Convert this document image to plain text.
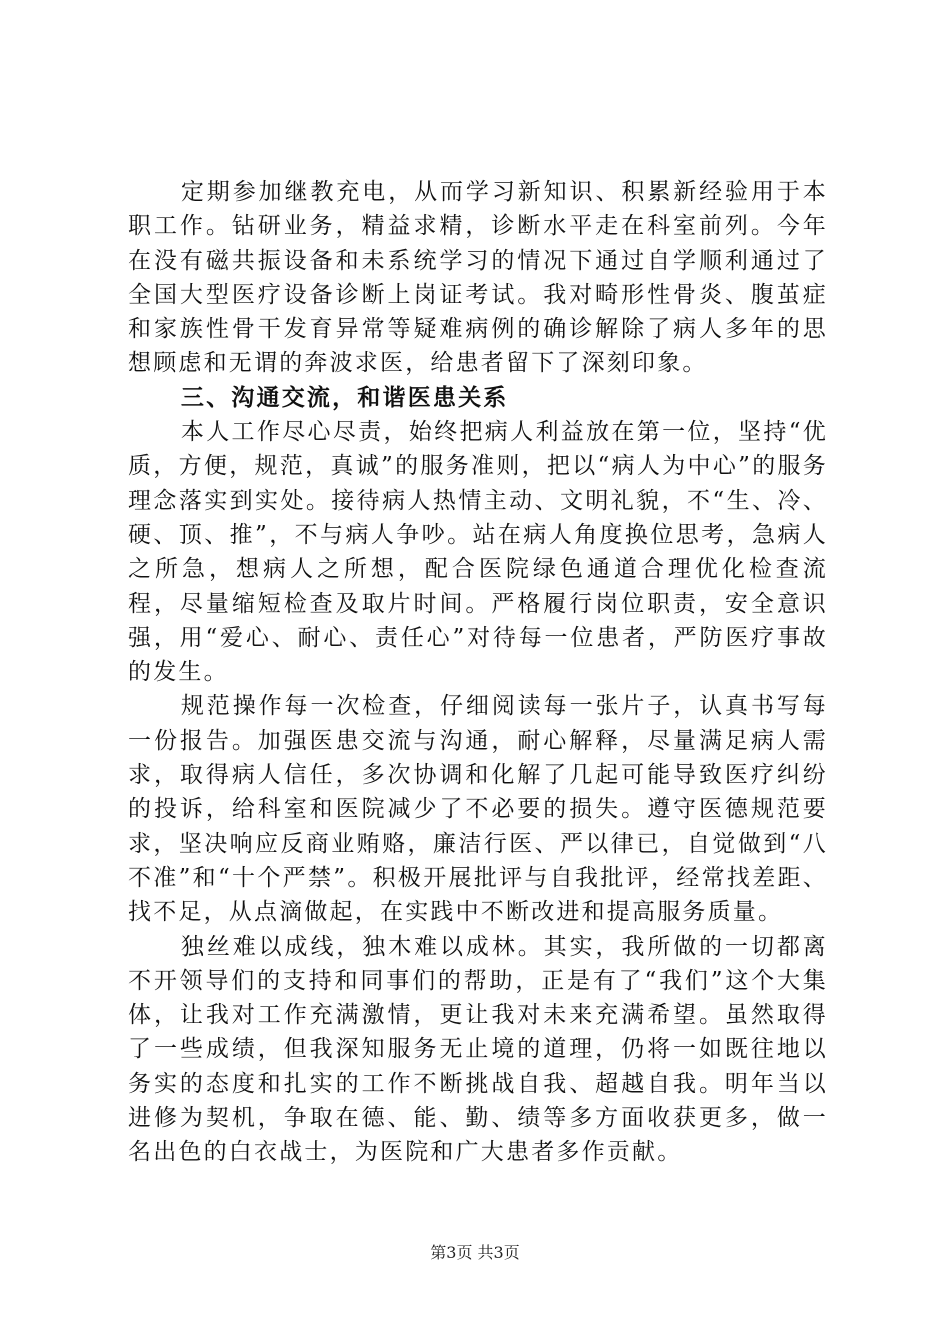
定期参加继教充电，从而学习新知识、积累新经验用于本职工作。钻研业务，精益求精，诊断水平走在科室前列。今年在没有磁共振设备和未系统学习的情况下通过自学顺利通过了全国大型医疗设备诊断上岗证考试。我对畸形性骨炎、腹茧症和家族性骨干发育异常等疑难病例的确诊解除了病人多年的思想顾虑和无谓的奔波求医，给患者留下了深刻印象。

三、沟通交流，和谐医患关系

本人工作尽心尽责，始终把病人利益放在第一位，坚持“优质，方便，规范，真诚”的服务准则，把以“病人为中心”的服务理念落实到实处。接待病人热情主动、文明礼貌，不“生、冷、硬、顶、推”，不与病人争吵。站在病人角度换位思考，急病人之所急，想病人之所想，配合医院绿色通道合理优化检查流程，尽量缩短检查及取片时间。严格履行岗位职责，安全意识强，用“爱心、耐心、责任心”对待每一位患者，严防医疗事故的发生。

规范操作每一次检查，仔细阅读每一张片子，认真书写每一份报告。加强医患交流与沟通，耐心解释，尽量满足病人需求，取得病人信任，多次协调和化解了几起可能导致医疗纠纷的投诉，给科室和医院减少了不必要的损失。遵守医德规范要求，坚决响应反商业贿赂，廉洁行医、严以律已，自觉做到“八不准”和“十个严禁”。积极开展批评与自我批评，经常找差距、找不足，从点滴做起，在实践中不断改进和提高服务质量。

独丝难以成线，独木难以成林。其实，我所做的一切都离不开领导们的支持和同事们的帮助，正是有了“我们”这个大集体，让我对工作充满激情，更让我对未来充满希望。虽然取得了一些成绩，但我深知服务无止境的道理，仍将一如既往地以务实的态度和扎实的工作不断挑战自我、超越自我。明年当以进修为契机，争取在德、能、勤、绩等多方面收获更多，做一名出色的白衣战士，为医院和广大患者多作贡献。

第3页 共3页
